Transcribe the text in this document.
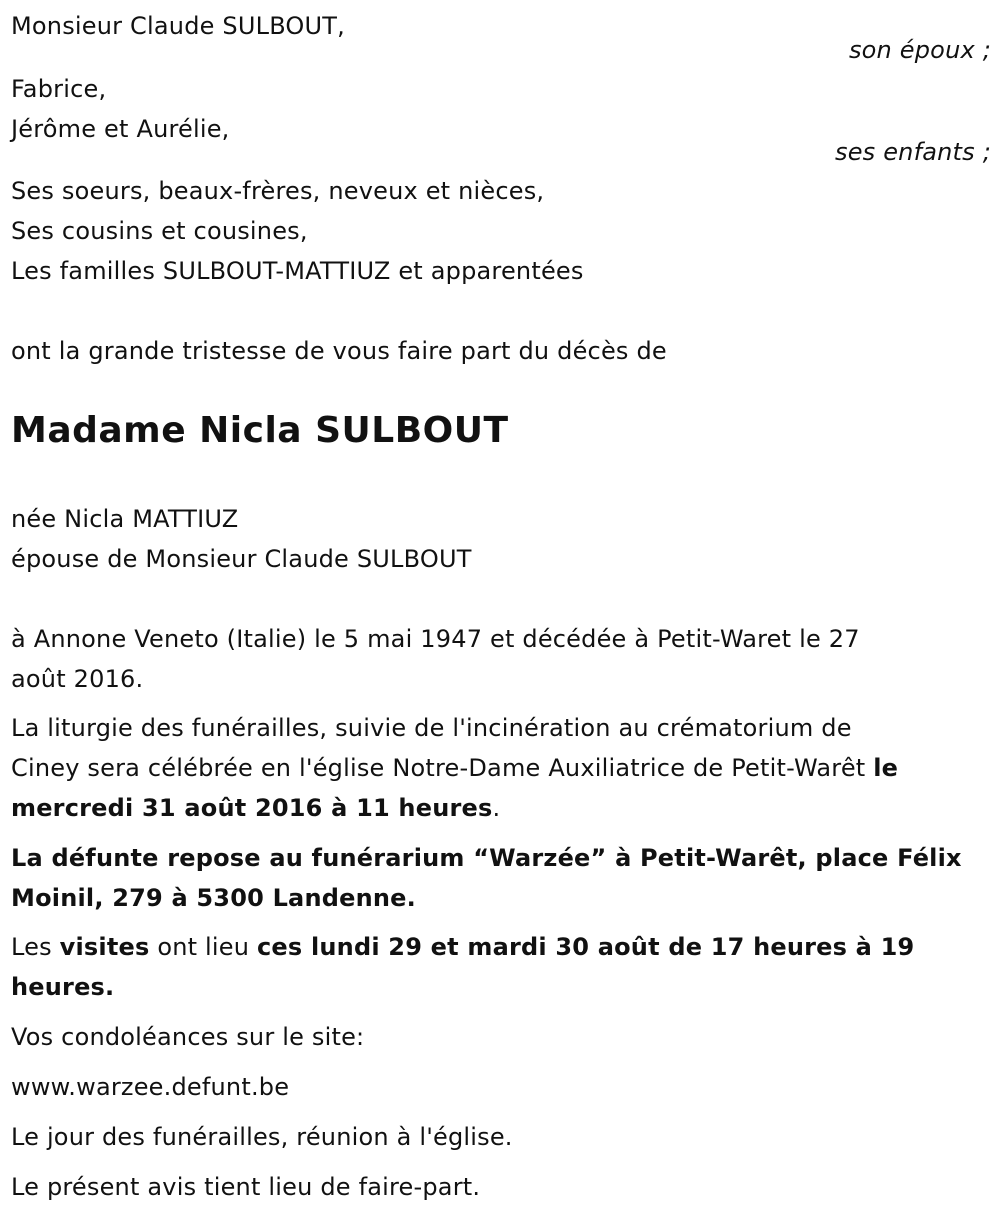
Monsieur Claude SULBOUT,
son époux ;
Fabrice,
Jérôme et Aurélie,
ses enfants ;
Ses soeurs, beaux-frères, neveux et nièces,
Ses cousins et cousines,
Les familles SULBOUT-MATTIUZ et apparentées
ont la grande tristesse de vous faire part du décès de
Madame Nicla SULBOUT
née Nicla MATTIUZ
épouse de Monsieur Claude SULBOUT
à Annone Veneto (Italie) le 5 mai 1947 et décédée à Petit-Waret le 27
août 2016.
La liturgie des funérailles, suivie de l'incinération au crématorium de
Ciney sera célébrée en l'église Notre-Dame Auxiliatrice de Petit-Warêt le
mercredi 31 août 2016 à 11 heures.
La défunte repose au funérarium “Warzée” à Petit-Warêt, place Félix
Moinil, 279 à 5300 Landenne.
Les visites ont lieu ces lundi 29 et mardi 30 août de 17 heures à 19
heures.
Vos condoléances sur le site:
www.warzee.defunt.be
Le jour des funérailles, réunion à l'église.
Le présent avis tient lieu de faire-part.
